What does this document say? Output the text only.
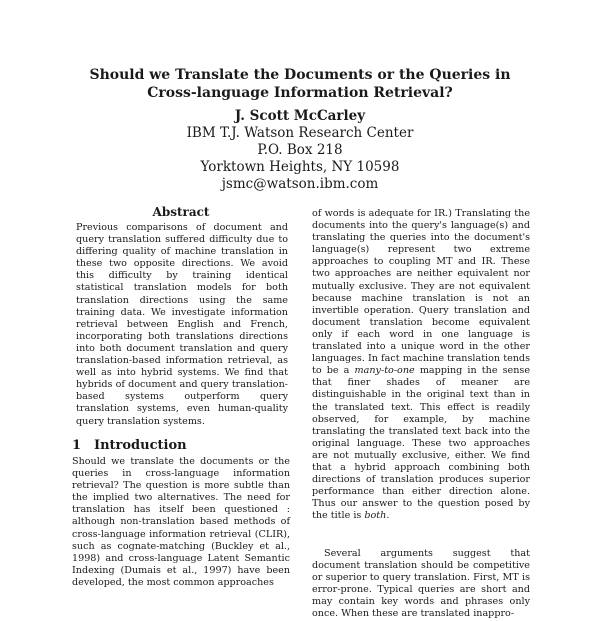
Should we Translate the Documents or the Queries in
Cross-language Information Retrieval?
J. Scott McCarley
IBM T.J. Watson Research Center
P.O. Box 218
Yorktown Heights, NY 10598
jsmc@watson.ibm.com
Abstract

Previous comparisons of document and query translation suffered difficulty due to differing quality of machine translation in these two opposite directions. We avoid this difficulty by training identical statistical translation models for both translation directions using the same training data. We investigate information retrieval between English and French, incorporating both translations directions into both document translation and query translation-based information retrieval, as well as into hybrid systems. We find that hybrids of document and query translation-based systems outperform query translation systems, even human-quality query translation systems.

1 Introduction

Should we translate the documents or the queries in cross-language information retrieval? The question is more subtle than the implied two alternatives. The need for translation has itself been questioned : although non-translation based methods of cross-language information retrieval (CLIR), such as cognate-matching (Buckley et al., 1998) and cross-language Latent Semantic Indexing (Dumais et al., 1997) have been developed, the most common approaches

of words is adequate for IR.) Translating the documents into the query's language(s) and translating the queries into the document's language(s) represent two extreme approaches to coupling MT and IR. These two approaches are neither equivalent nor mutually exclusive. They are not equivalent because machine translation is not an invertible operation. Query translation and document translation become equivalent only if each word in one language is translated into a unique word in the other languages. In fact machine translation tends to be a many-to-one mapping in the sense that finer shades of meaner are distinguishable in the original text than in the translated text. This effect is readily observed, for example, by machine translating the translated text back into the original language. These two approaches are not mutually exclusive, either. We find that a hybrid approach combining both directions of translation produces superior performance than either direction alone. Thus our answer to the question posed by the title is both.

Several arguments suggest that document translation should be competitive or superior to query translation. First, MT is error-prone. Typical queries are short and may contain key words and phrases only once. When these are translated inappro-
